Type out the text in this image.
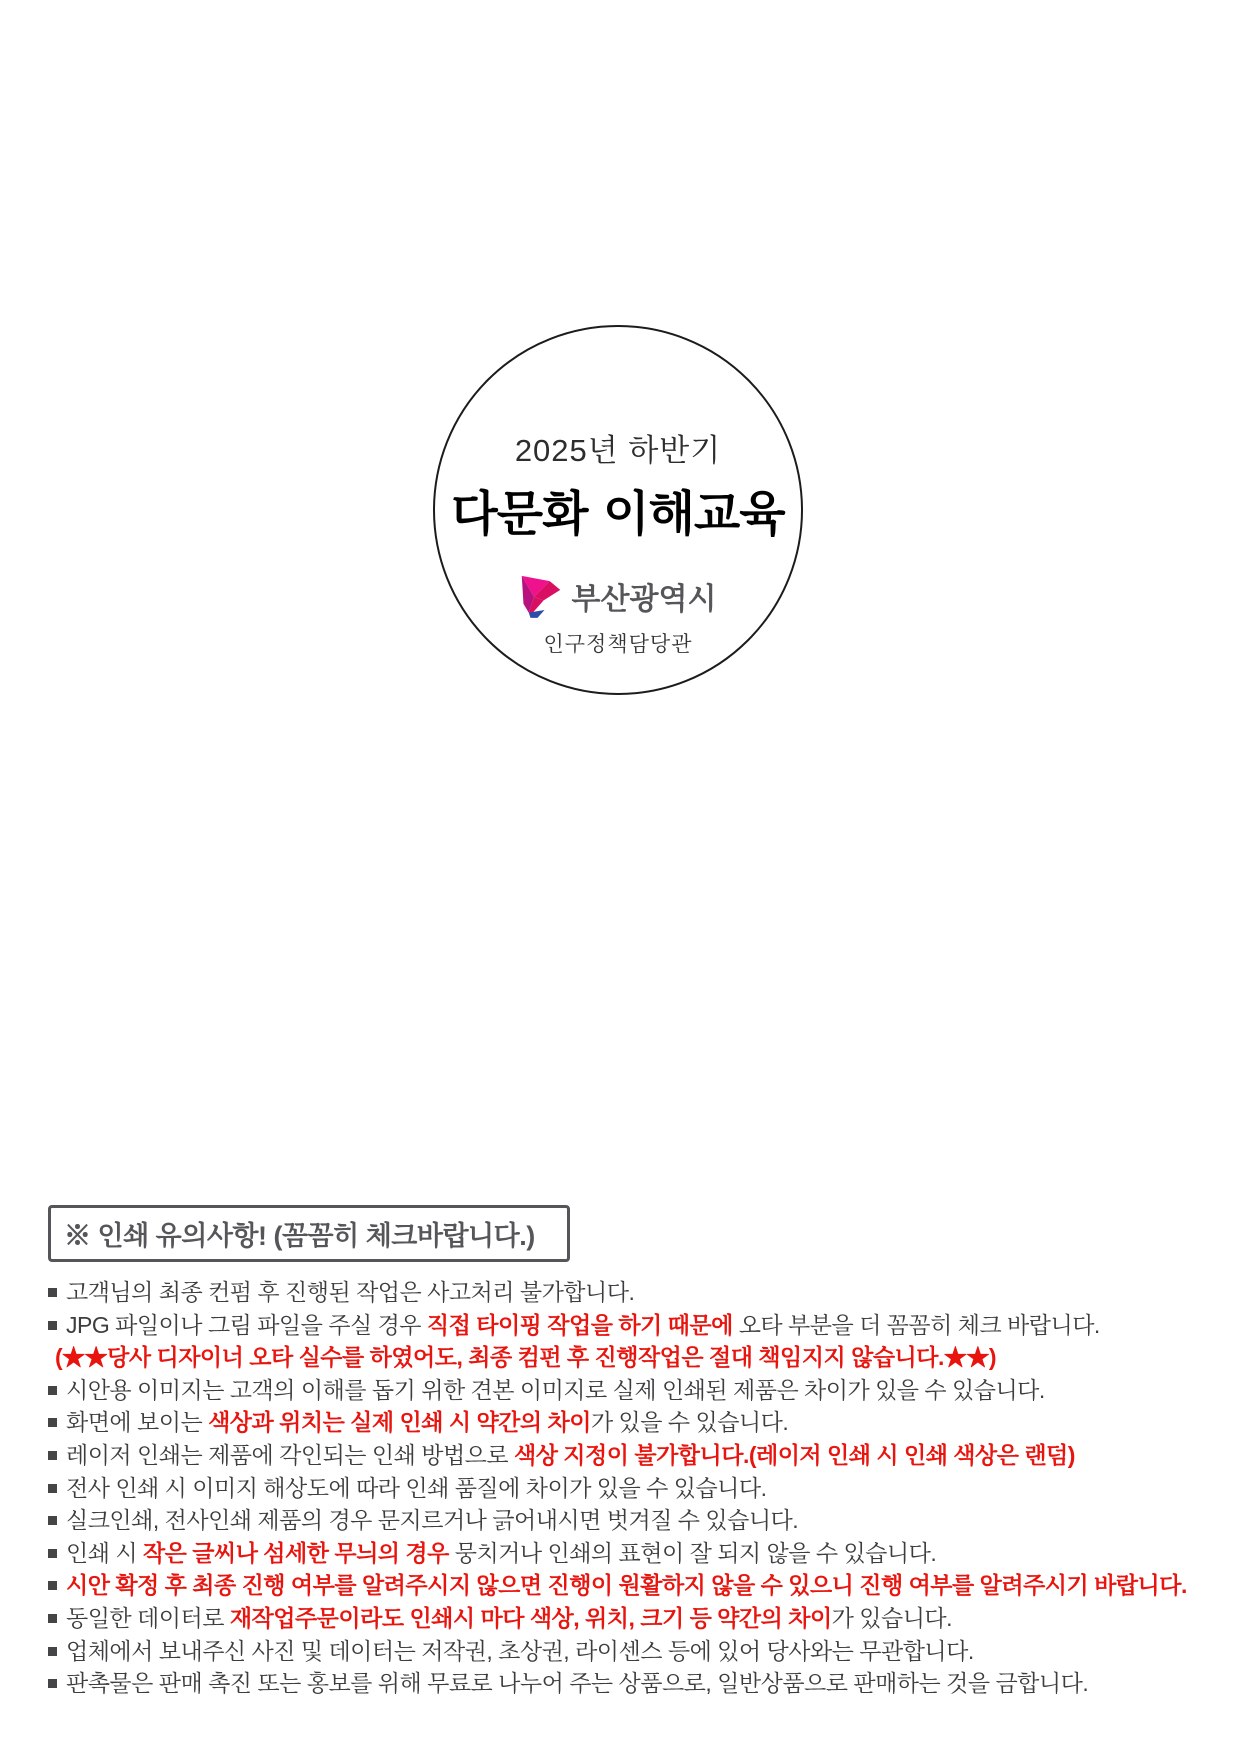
2025년 하반기
다문화 이해교육
부산광역시
인구정책담당관
※ 인쇄 유의사항! (꼼꼼히 체크바랍니다.)
고객님의 최종 컨펌 후 진행된 작업은 사고처리 불가합니다.
JPG 파일이나 그림 파일을 주실 경우 직접 타이핑 작업을 하기 때문에 오타 부분을 더 꼼꼼히 체크 바랍니다.
(★★당사 디자이너 오타 실수를 하였어도, 최종 컴펀 후 진행작업은 절대 책임지지 않습니다.★★)
시안용 이미지는 고객의 이해를 돕기 위한 견본 이미지로 실제 인쇄된 제품은 차이가 있을 수 있습니다.
화면에 보이는 색상과 위치는 실제 인쇄 시 약간의 차이가 있을 수 있습니다.
레이저 인쇄는 제품에 각인되는 인쇄 방법으로 색상 지정이 불가합니다.(레이저 인쇄 시 인쇄 색상은 랜덤)
전사 인쇄 시 이미지 해상도에 따라 인쇄 품질에 차이가 있을 수 있습니다.
실크인쇄, 전사인쇄 제품의 경우 문지르거나 긁어내시면 벗겨질 수 있습니다.
인쇄 시 작은 글씨나 섬세한 무늬의 경우 뭉치거나 인쇄의 표현이 잘 되지 않을 수 있습니다.
시안 확정 후 최종 진행 여부를 알려주시지 않으면 진행이 원활하지 않을 수 있으니 진행 여부를 알려주시기 바랍니다.
동일한 데이터로 재작업주문이라도 인쇄시 마다 색상, 위치, 크기 등 약간의 차이가 있습니다.
업체에서 보내주신 사진 및 데이터는 저작권, 초상권, 라이센스 등에 있어 당사와는 무관합니다.
판촉물은 판매 촉진 또는 홍보를 위해 무료로 나누어 주는 상품으로, 일반상품으로 판매하는 것을 금합니다.
